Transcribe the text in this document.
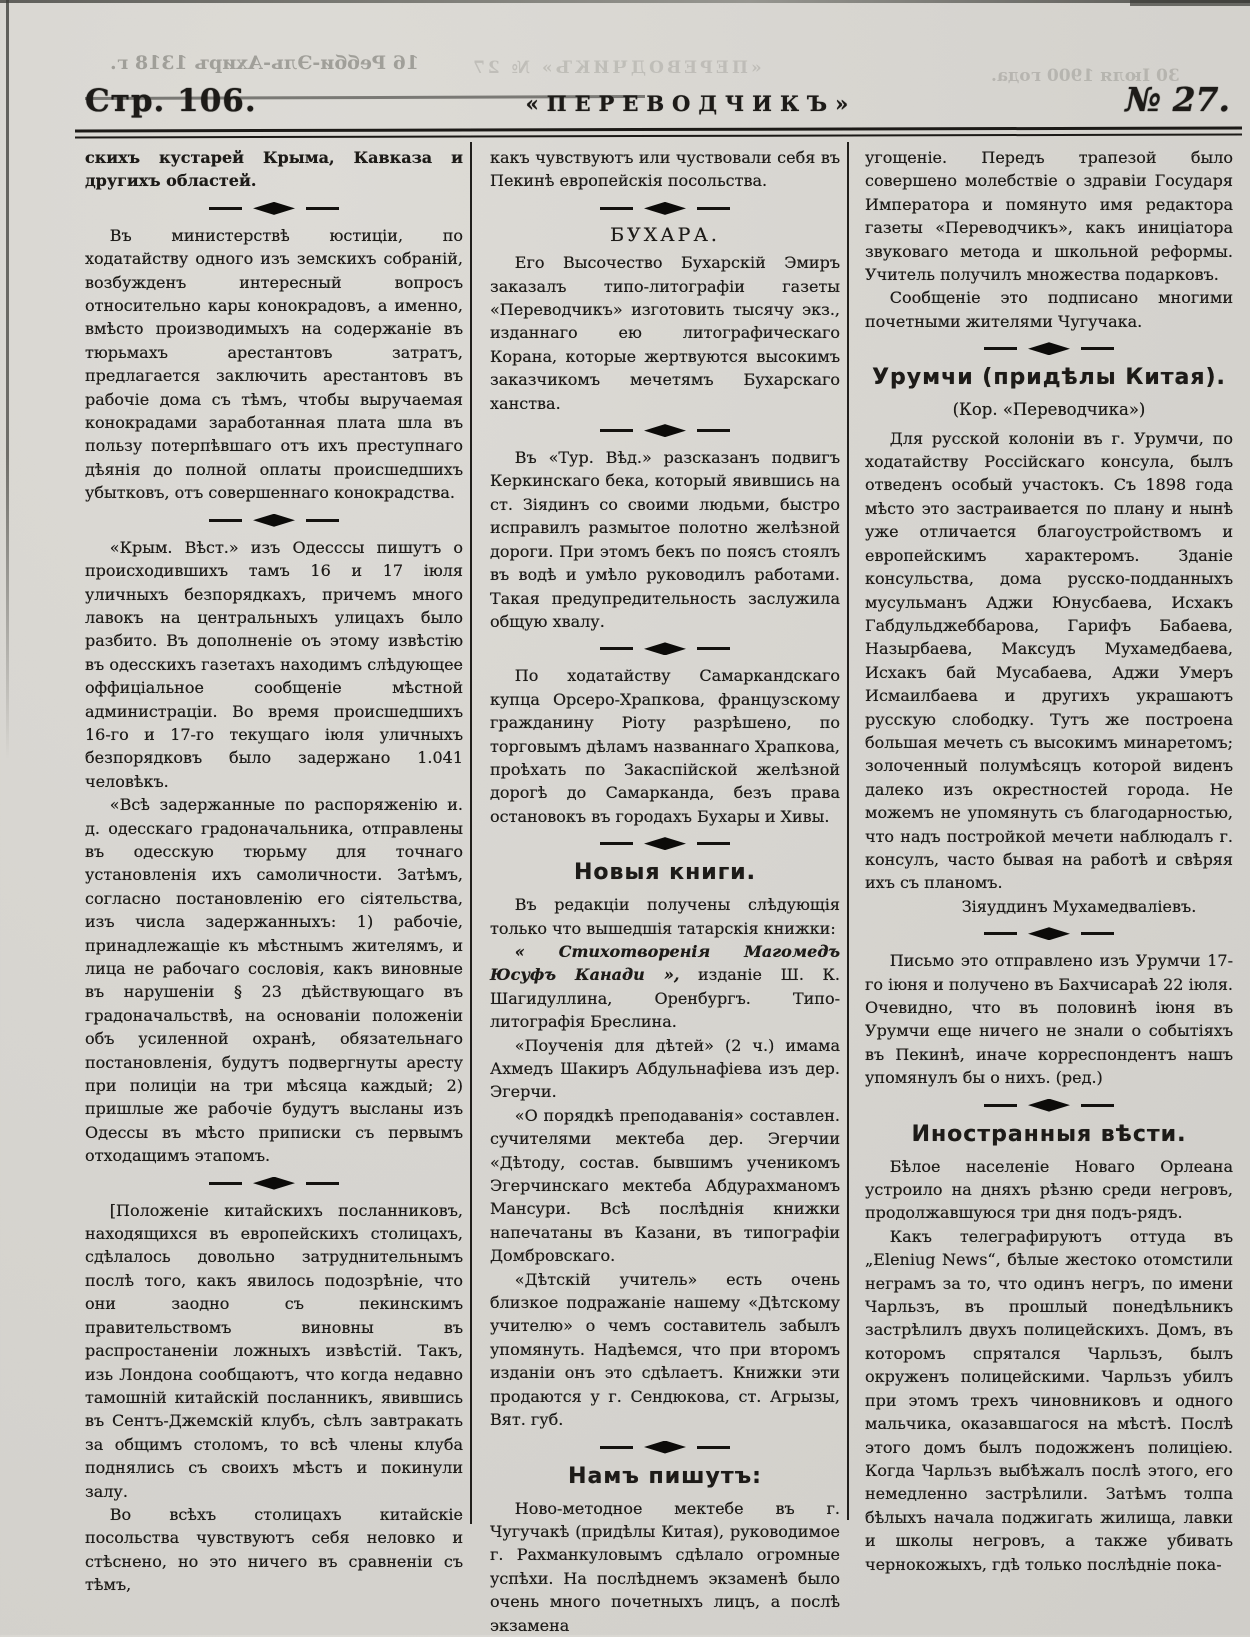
16 Ребби-Эль-Ахиръ 1318 г.	«ПЕРЕВОДЧИКЪ» № 27	30 Іюля 1900 года.
Стр. 106.	«ПЕРЕВОДЧИКЪ»	№ 27.

скихъ кустарей Крыма, Кавказа и другихъ областей.

Въ министерствѣ юстиціи, по ходатайству одного изъ земскихъ собраній, возбужденъ интересный вопросъ относительно кары конокрадовъ, а именно, вмѣсто производимыхъ на содержаніе въ тюрьмахъ арестантовъ затратъ, предлагается заключить арестантовъ въ рабочіе дома съ тѣмъ, чтобы выручаемая конокрадами заработанная плата шла въ пользу потерпѣвшаго отъ ихъ преступнаго дѣянія до полной оплаты происшедшихъ убытковъ, отъ совершеннаго конокрадства.

«Крым. Вѣст.» изъ Одесссы пишутъ о происходившихъ тамъ 16 и 17 іюля уличныхъ безпорядкахъ, причемъ много лавокъ на центральныхъ улицахъ было разбито. Въ дополненіе оъ этому извѣстію въ одесскихъ газетахъ находимъ слѣдующее оффиціальное сообщеніе мѣстной администраціи. Во время происшедшихъ 16-го и 17-го текущаго іюля уличныхъ безпорядковъ было задержано 1.041 человѣкъ.

«Всѣ задержанные по распоряженію и. д. одесскаго градоначальника, отправлены въ одесскую тюрьму для точнаго установленія ихъ самоличности. Затѣмъ, согласно постановленію его сіятельства, изъ числа задержанныхъ: 1) рабочіе, принадлежащіе къ мѣстнымъ жителямъ, и лица не рабочаго сословія, какъ виновные въ нарушеніи § 23 дѣйствующаго въ градоначальствѣ, на основаніи положеніи объ усиленной охранѣ, обязательнаго постановленія, будутъ подвергнуты аресту при полиціи на три мѣсяца каждый; 2) пришлые же рабочіе будутъ высланы изъ Одессы въ мѣсто приписки съ первымъ отходащимъ этапомъ.

[Положеніе китайскихъ посланниковъ, находящихся въ европейскихъ столицахъ, сдѣлалось довольно затруднительнымъ послѣ того, какъ явилось подозрѣніе, что они заодно съ пекинскимъ правительствомъ виновны въ распростаненіи ложныхъ извѣстій. Такъ, изь Лондона сообщаютъ, что когда недавно тамошній китайскій посланникъ, явившись въ Сентъ-Джемскій клубъ, сѣлъ завтракать за общимъ столомъ, то всѣ члены клуба поднялись съ своихъ мѣстъ и покинули залу.

Во всѣхъ столицахъ китайскіе посольства чувствуютъ себя неловко и стѣснено, но это ничего въ сравненіи съ тѣмъ,

какъ чувствуютъ или чуствовали себя въ Пекинѣ европейскія посольства.

БУХАРА.

Его Высочество Бухарскій Эмиръ заказалъ типо-литографіи газеты «Переводчикъ» изготовить тысячу экз., изданнаго ею литографическаго Корана, которые жертвуются высокимъ заказчикомъ мечетямъ Бухарскаго ханства.

Въ «Тур. Вѣд.» разсказанъ подвигъ Керкинскаго бека, который явившись на ст. Зіядинъ со своими людьми, быстро исправилъ размытое полотно желѣзной дороги. При этомъ бекъ по поясъ стоялъ въ водѣ и умѣло руководилъ работами. Такая предупредительность заслужила общую хвалу.

По ходатайству Самаркандскаго купца Орсеро-Храпкова, французскому гражданину Ріоту разрѣшено, по торговымъ дѣламъ названнаго Храпкова, проѣхать по Закаспійской желѣзной дорогѣ до Самарканда, безъ права остановокъ въ городахъ Бухары и Хивы.

Новыя книги.

Въ редакціи получены слѣдующія только что вышедшія татарскія книжки:

« Стихотворенія Магомедъ Юсуфъ Канади », изданіе Ш. К. Шагидуллина, Оренбургъ. Типо-литографія Бреслина.

«Поученія для дѣтей» (2 ч.) имама Ахмедъ Шакиръ Абдульнафіева изъ дер. Эгерчи.

«О порядкѣ преподаванія» составлен. сучителями мектеба дер. Эгерчии «Дѣтоду, состав. бывшимъ ученикомъ Эгерчинскаго мектеба Абдурахманомъ Мансури. Всѣ послѣднія книжки напечатаны въ Казани, въ типографіи Домбровскаго.

«Дѣтскій учитель» есть очень близкое подражаніе нашему «Дѣтскому учителю» о чемъ составитель забылъ упомянуть. Надѣемся, что при второмъ изданіи онъ это сдѣлаетъ. Книжки эти продаются у г. Сендюкова, ст. Агрызы, Вят. губ.

Намъ пишутъ:

Ново-методное мектебе въ г. Чугучакѣ (придѣлы Китая), руководимое г. Рахманкуловымъ сдѣлало огромные успѣхи. На послѣднемъ экзаменѣ было очень много почетныхъ лицъ, а послѣ экзамена

угощеніе. Передъ трапезой было совершено молебствіе о здравіи Государя Императора и помянуто имя редактора газеты «Переводчикъ», какъ иниціатора звуковаго метода и школьной реформы. Учитель получилъ множества подарковъ.

Сообщеніе это подписано многими почетными жителями Чугучака.

Урумчи (придѣлы Китая).
(Кор. «Переводчика»)

Для русской колоніи въ г. Урумчи, по ходатайству Россійскаго консула, былъ отведенъ особый участокъ. Съ 1898 года мѣсто это застраивается по плану и нынѣ уже отличается благоустройствомъ и европейскимъ характеромъ. Зданіе консульства, дома русско-подданныхъ мусульманъ Аджи Юнусбаева, Исхакъ Габдульджеббарова, Гарифъ Бабаева, Назырбаева, Максудъ Мухамедбаева, Исхакъ бай Мусабаева, Аджи Умеръ Исмаилбаева и другихъ украшаютъ русскую слободку. Тутъ же построена большая мечеть съ высокимъ минаретомъ; золоченный полумѣсяцъ которой виденъ далеко изъ окрестностей города. Не можемъ не упомянуть съ благодарностью, что надъ постройкой мечети наблюдалъ г. консулъ, часто бывая на работѣ и свѣряя ихъ съ планомъ.

Зіяуддинъ Мухамедваліевъ.

Письмо это отправлено изъ Урумчи 17-го іюня и получено въ Бахчисараѣ 22 іюля. Очевидно, что въ половинѣ іюня въ Урумчи еще ничего не знали о событіяхъ въ Пекинѣ, иначе корреспондентъ нашъ упомянулъ бы о нихъ. (ред.)

Иностранныя вѣсти.

Бѣлое населеніе Новаго Орлеана устроило на дняхъ рѣзню среди негровъ, продолжавшуюся три дня подъ-рядъ.

Какъ телеграфируютъ оттуда въ „Еleniug News“, бѣлые жестоко отомстили неграмъ за то, что одинъ негръ, по имени Чарльзъ, въ прошлый понедѣльникъ застрѣлилъ двухъ полицейскихъ. Домъ, въ которомъ спрятался Чарльзъ, былъ окруженъ полицейскими. Чарльзъ убилъ при этомъ трехъ чиновниковъ и одного мальчика, оказавшагося на мѣстѣ. Послѣ этого домъ былъ подожженъ полиціею. Когда Чарльзъ выбѣжалъ послѣ этого, его немедленно застрѣлили. Затѣмъ толпа бѣлыхъ начала поджигать жилища, лавки и школы негровъ, а также убивать чернокожыхъ, гдѣ только послѣдніе пока-
